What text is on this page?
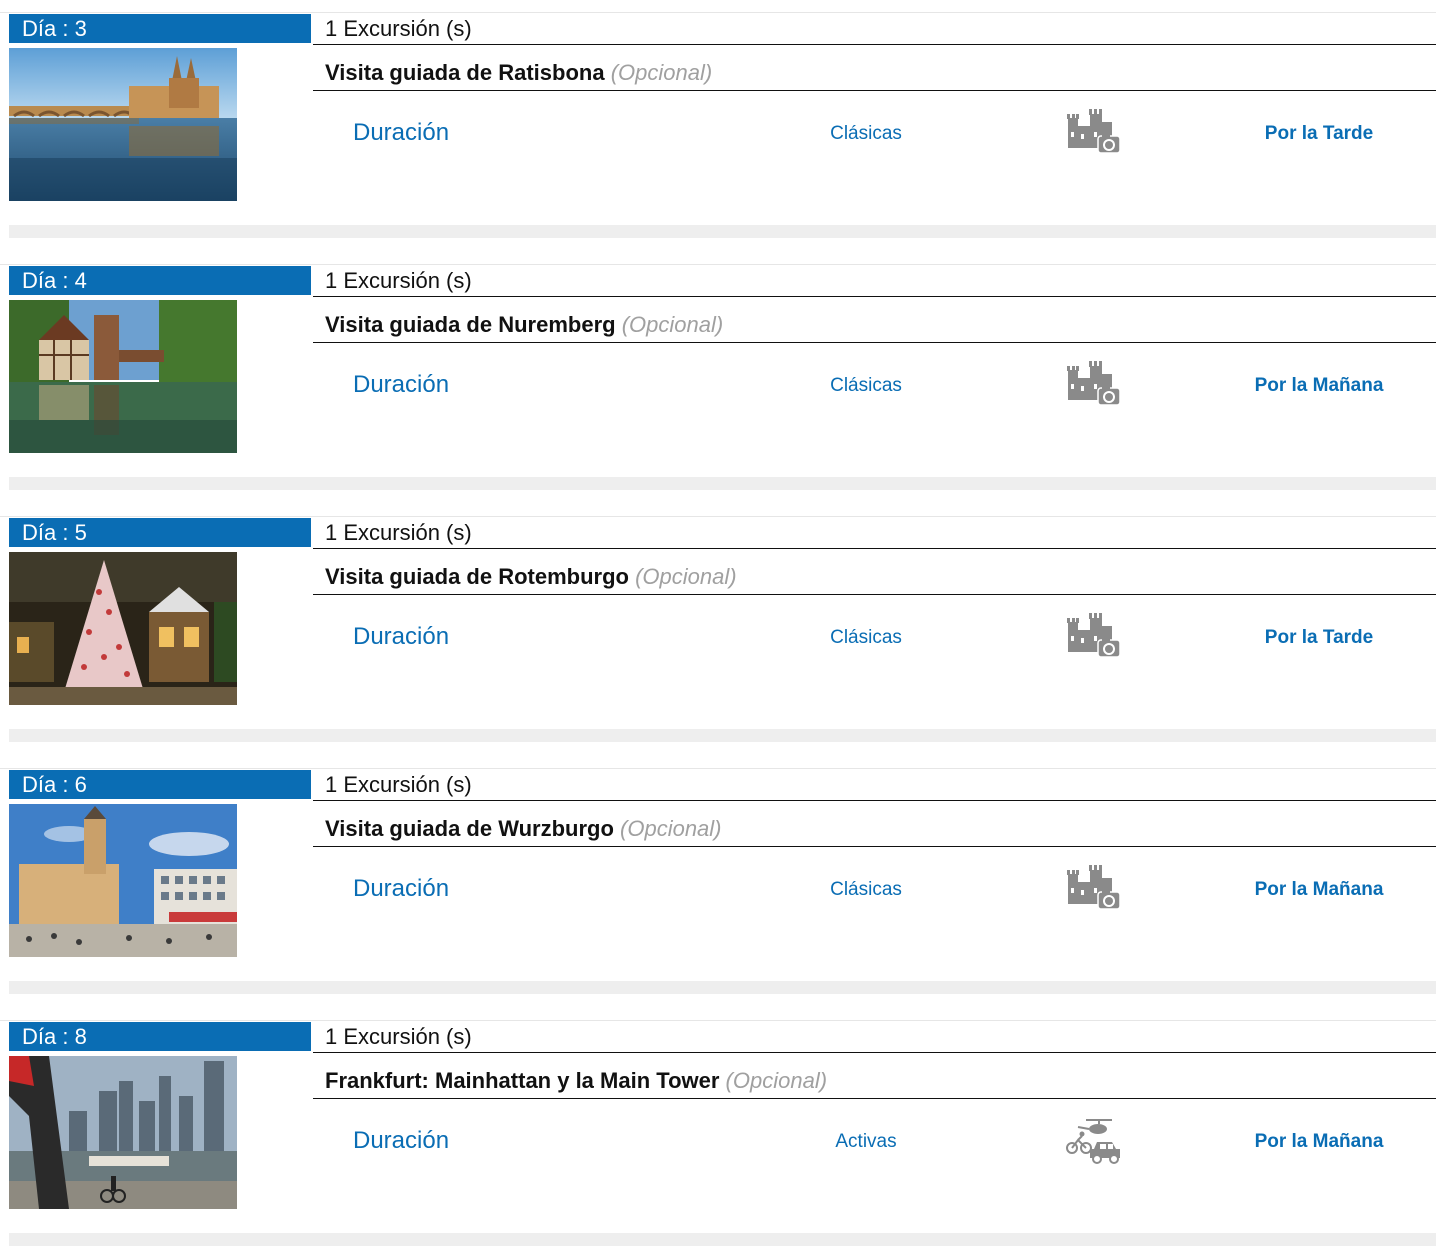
Día : 3	1 Excursión (s)
Visita guiada de Ratisbona (Opcional)
Duración	Clásicas	Por la Tarde
Día : 4	1 Excursión (s)
Visita guiada de Nuremberg (Opcional)
Duración	Clásicas	Por la Mañana
Día : 5	1 Excursión (s)
Visita guiada de Rotemburgo (Opcional)
Duración	Clásicas	Por la Tarde
Día : 6	1 Excursión (s)
Visita guiada de Wurzburgo (Opcional)
Duración	Clásicas	Por la Mañana
Día : 8	1 Excursión (s)
Frankfurt: Mainhattan y la Main Tower (Opcional)
Duración	Activas	Por la Mañana
